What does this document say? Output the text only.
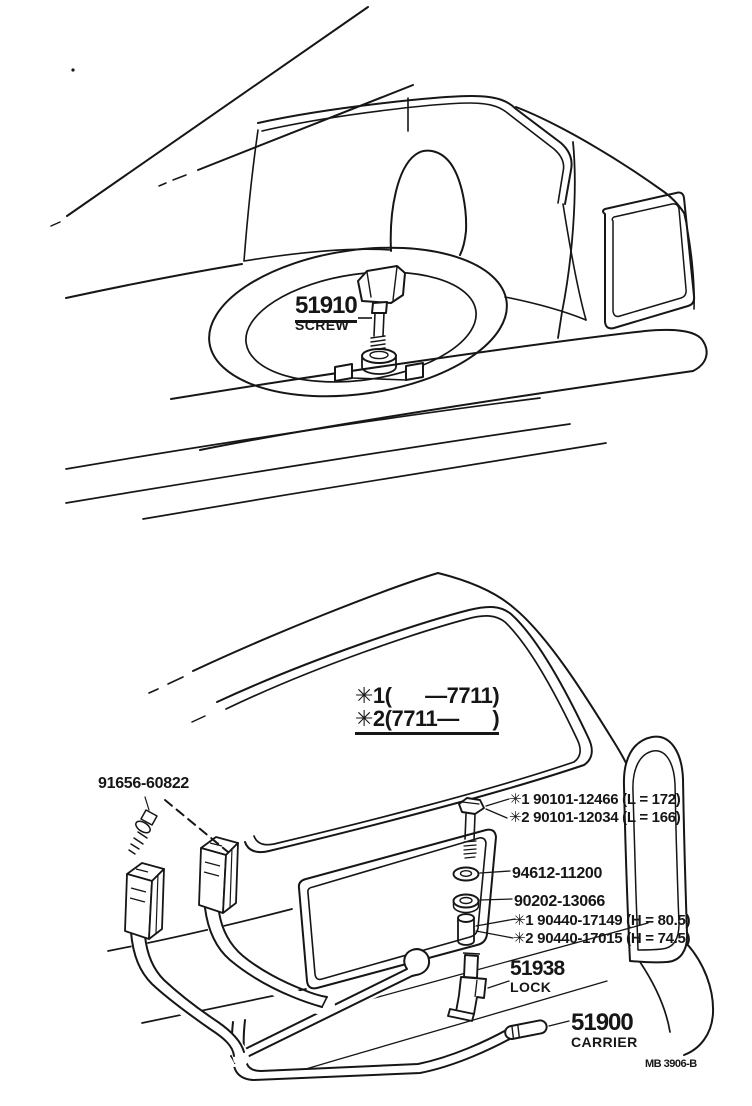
51910
SCREW
✳1(      —7711)
✳2(7711—      )
91656-60822
✳1 90101-12466 (L = 172)
✳2 90101-12034 (L = 166)
94612-11200
90202-13066
✳1 90440-17149 (H = 80.5)
✳2 90440-17015 (H = 74.5)
51938
LOCK
51900
CARRIER
MB 3906-B
